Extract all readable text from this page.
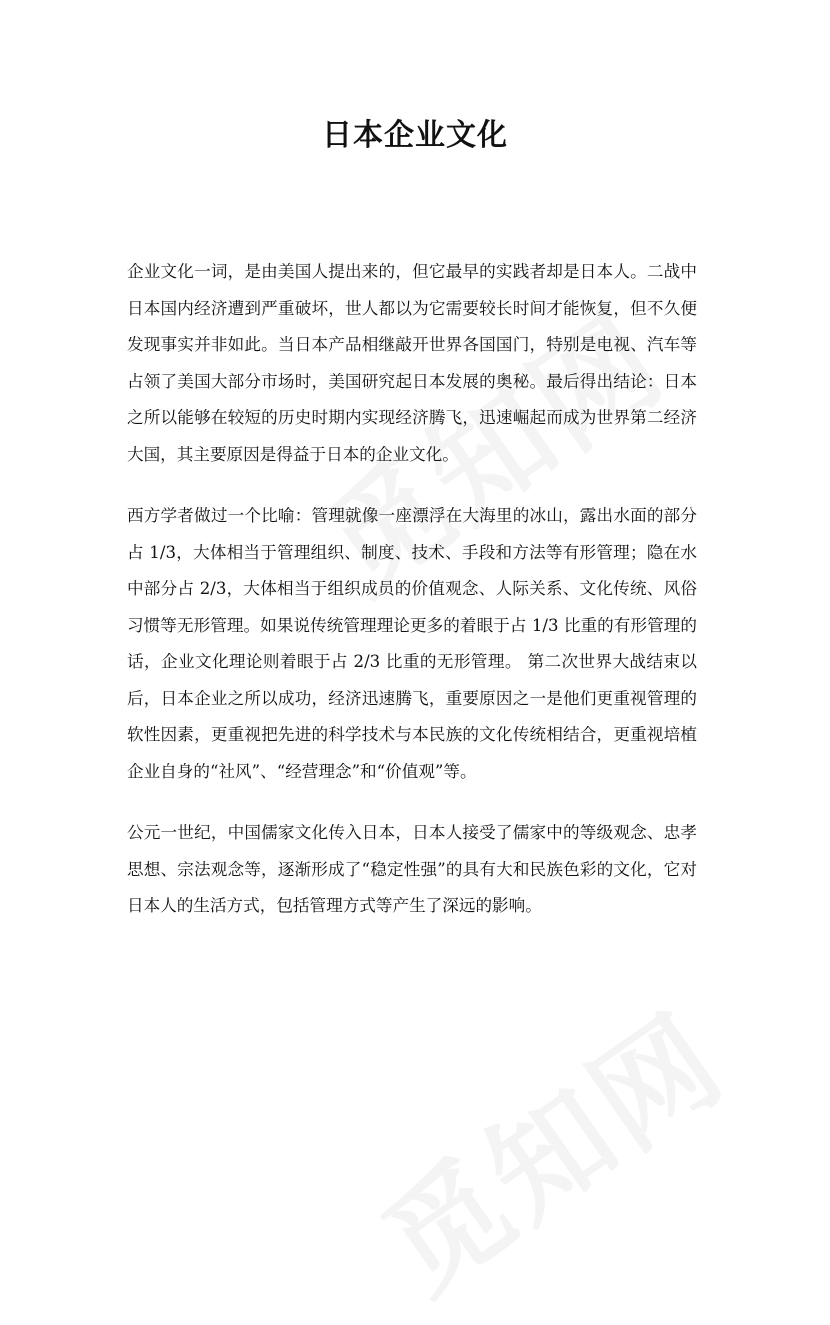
日本企业文化

企业文化一词，是由美国人提出来的，但它最早的实践者却是日本人。二战中日本国内经济遭到严重破坏，世人都以为它需要较长时间才能恢复，但不久便发现事实并非如此。当日本产品相继敲开世界各国国门，特别是电视、汽车等占领了美国大部分市场时，美国研究起日本发展的奥秘。最后得出结论：日本之所以能够在较短的历史时期内实现经济腾飞，迅速崛起而成为世界第二经济大国，其主要原因是得益于日本的企业文化。

西方学者做过一个比喻：管理就像一座漂浮在大海里的冰山，露出水面的部分占 1/3，大体相当于管理组织、制度、技术、手段和方法等有形管理；隐在水中部分占 2/3，大体相当于组织成员的价值观念、人际关系、文化传统、风俗习惯等无形管理。如果说传统管理理论更多的着眼于占 1/3 比重的有形管理的话，企业文化理论则着眼于占 2/3 比重的无形管理。 第二次世界大战结束以后，日本企业之所以成功，经济迅速腾飞，重要原因之一是他们更重视管理的软性因素，更重视把先进的科学技术与本民族的文化传统相结合，更重视培植企业自身的“社风”、“经营理念”和“价值观”等。

公元一世纪，中国儒家文化传入日本，日本人接受了儒家中的等级观念、忠孝思想、宗法观念等，逐渐形成了“稳定性强”的具有大和民族色彩的文化，它对日本人的生活方式，包括管理方式等产生了深远的影响。
